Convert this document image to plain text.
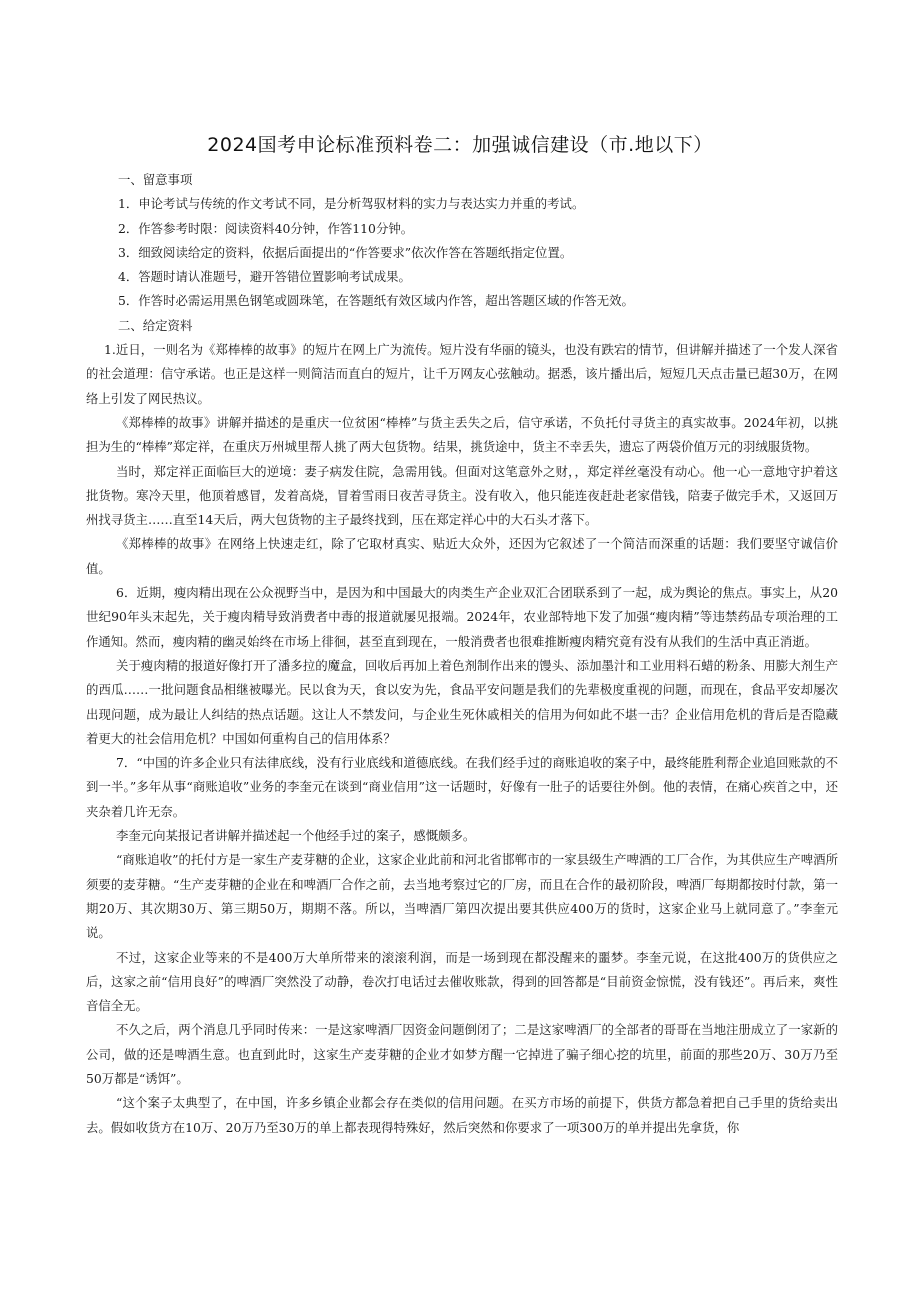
2024国考申论标准预料卷二：加强诚信建设（市.地以下）

一、留意事项

1．申论考试与传统的作文考试不同，是分析驾驭材料的实力与表达实力并重的考试。

2．作答参考时限：阅读资料40分钟，作答110分钟。

3．细致阅读给定的资料，依据后面提出的“作答要求”依次作答在答题纸指定位置。

4．答题时请认准题号，避开答错位置影响考试成果。

5．作答时必需运用黑色钢笔或圆珠笔，在答题纸有效区域内作答，超出答题区域的作答无效。

二、给定资料

1.近日，一则名为《郑棒棒的故事》的短片在网上广为流传。短片没有华丽的镜头，也没有跌宕的情节，但讲解并描述了一个发人深省的社会道理：信守承诺。也正是这样一则简洁而直白的短片，让千万网友心弦触动。据悉，该片播出后，短短几天点击量已超30万，在网络上引发了网民热议。

《郑棒棒的故事》讲解并描述的是重庆一位贫困“棒棒”与货主丢失之后，信守承诺，不负托付寻货主的真实故事。2024年初，以挑担为生的“棒棒”郑定祥，在重庆万州城里帮人挑了两大包货物。结果，挑货途中，货主不幸丢失，遗忘了两袋价值万元的羽绒服货物。

当时，郑定祥正面临巨大的逆境：妻子病发住院，急需用钱。但面对这笔意外之财，，郑定祥丝毫没有动心。他一心一意地守护着这批货物。寒冷天里，他顶着感冒，发着高烧，冒着雪雨日夜苦寻货主。没有收入，他只能连夜赶赴老家借钱，陪妻子做完手术，又返回万州找寻货主……直至14天后，两大包货物的主子最终找到，压在郑定祥心中的大石头才落下。

《郑棒棒的故事》在网络上快速走红，除了它取材真实、贴近大众外，还因为它叙述了一个简洁而深重的话题：我们要坚守诚信价值。

6．近期，瘦肉精出现在公众视野当中，是因为和中国最大的肉类生产企业双汇合团联系到了一起，成为舆论的焦点。事实上，从20世纪90年头末起先，关于瘦肉精导致消费者中毒的报道就屡见报端。2024年，农业部特地下发了加强“瘦肉精”等违禁药品专项治理的工作通知。然而，瘦肉精的幽灵始终在市场上徘徊，甚至直到现在，一般消费者也很难推断瘦肉精究竟有没有从我们的生活中真正消逝。

关于瘦肉精的报道好像打开了潘多拉的魔盒，回收后再加上着色剂制作出来的馒头、添加墨汁和工业用料石蜡的粉条、用膨大剂生产的西瓜……一批问题食品相继被曝光。民以食为天，食以安为先，食品平安问题是我们的先辈极度重视的问题，而现在，食品平安却屡次出现问题，成为最让人纠结的热点话题。这让人不禁发问，与企业生死休戚相关的信用为何如此不堪一击？企业信用危机的背后是否隐藏着更大的社会信用危机？中国如何重构自己的信用体系？

7．“中国的许多企业只有法律底线，没有行业底线和道德底线。在我们经手过的商账追收的案子中，最终能胜利帮企业追回账款的不到一半。”多年从事“商账追收”业务的李奎元在谈到“商业信用”这一话题时，好像有一肚子的话要往外倒。他的表情，在痛心疾首之中，还夹杂着几许无奈。

李奎元向某报记者讲解并描述起一个他经手过的案子，感慨颇多。

“商账追收”的托付方是一家生产麦芽糖的企业，这家企业此前和河北省邯郸市的一家县级生产啤酒的工厂合作，为其供应生产啤酒所须要的麦芽糖。“生产麦芽糖的企业在和啤酒厂合作之前，去当地考察过它的厂房，而且在合作的最初阶段，啤酒厂每期都按时付款，第一期20万、其次期30万、第三期50万，期期不落。所以，当啤酒厂第四次提出要其供应400万的货时，这家企业马上就同意了。”李奎元说。

不过，这家企业等来的不是400万大单所带来的滚滚利润，而是一场到现在都没醒来的噩梦。李奎元说，在这批400万的货供应之后，这家之前“信用良好”的啤酒厂突然没了动静，卷次打电话过去催收账款，得到的回答都是“目前资金惊慌，没有钱还”。再后来，爽性音信全无。

不久之后，两个消息几乎同时传来：一是这家啤酒厂因资金问题倒闭了；二是这家啤酒厂的全部者的哥哥在当地注册成立了一家新的公司，做的还是啤酒生意。也直到此时，这家生产麦芽糖的企业才如梦方醒一它掉进了骗子细心挖的坑里，前面的那些20万、30万乃至50万都是“诱饵”。

“这个案子太典型了，在中国，许多乡镇企业都会存在类似的信用问题。在买方市场的前提下，供货方都急着把自己手里的货给卖出去。假如收货方在10万、20万乃至30万的单上都表现得特殊好，然后突然和你要求了一项300万的单并提出先拿货，你
